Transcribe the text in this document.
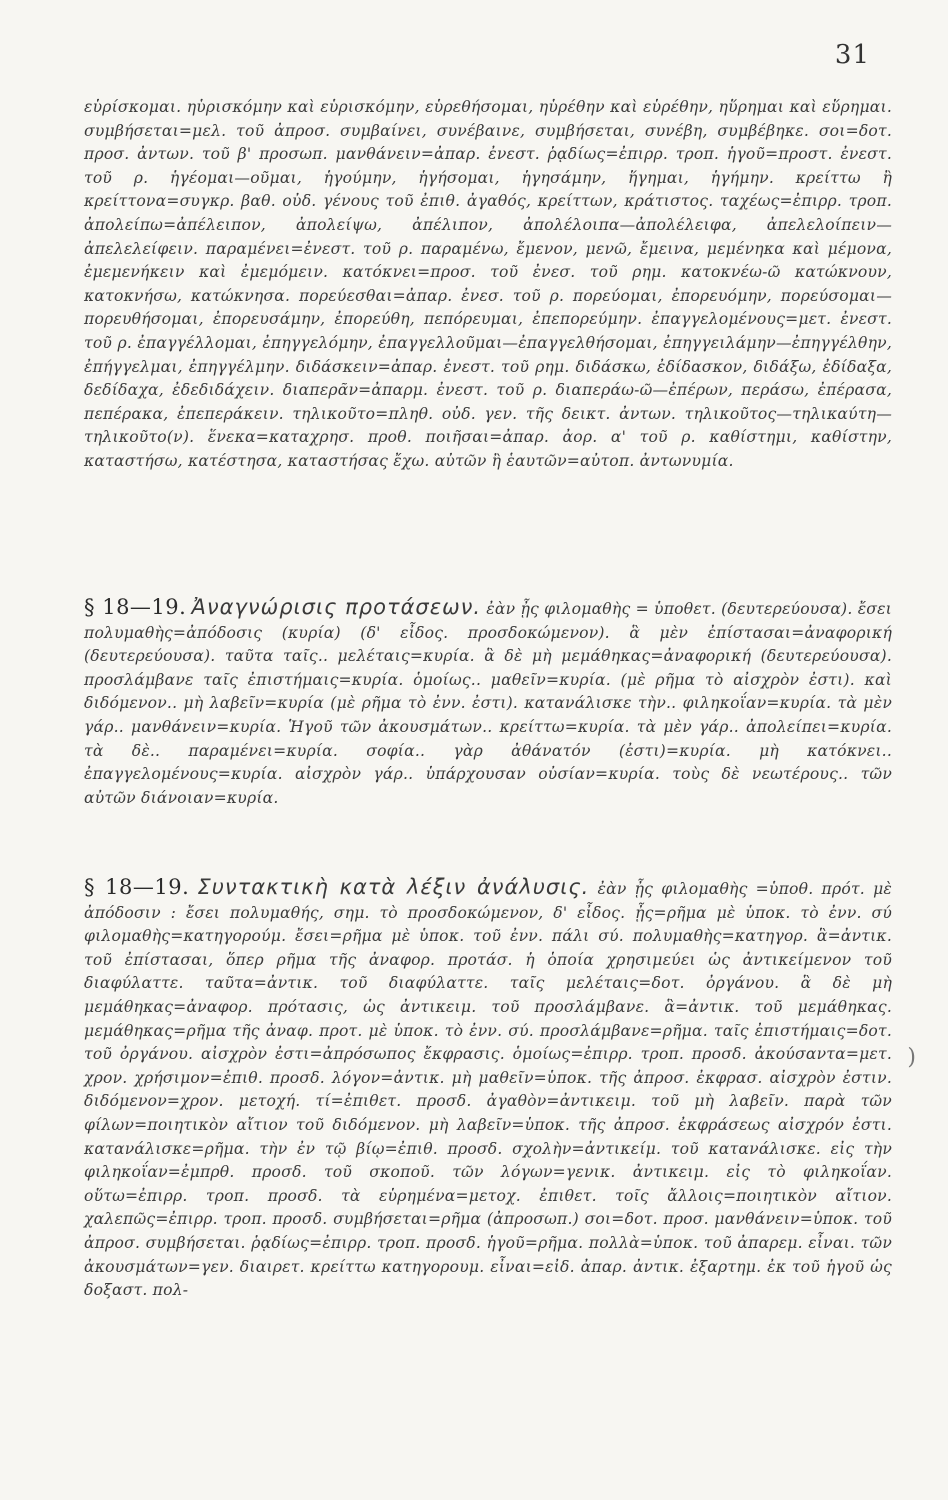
31

εὑρίσκομαι. ηὑρισκόμην καὶ εὑρισκόμην, εὑρεθήσομαι, ηὑρέθην καὶ εὑρέθην, ηὕρημαι καὶ εὕρημαι. συμβήσεται=μελ. τοῦ ἀπροσ. συμβαίνει, συνέβαινε, συμβήσεται, συνέβη, συμβέβηκε. σοι=δοτ. προσ. ἀντων. τοῦ β' προσωπ. μανθάνειν=ἀπαρ. ἐνεστ. ῥᾳδίως=ἐπιρρ. τροπ. ἡγοῦ=προστ. ἐνεστ. τοῦ ρ. ἡγέομαι—οῦμαι, ἡγούμην, ἡγήσομαι, ἡγησάμην, ἥγημαι, ἡγήμην. κρείττω ἢ κρείττονα=συγκρ. βαθ. οὐδ. γένους τοῦ ἐπιθ. ἀγαθός, κρείττων, κράτιστος. ταχέως=ἐπιρρ. τροπ. ἀπολείπω=ἀπέλειπον, ἀπολείψω, ἀπέλιπον, ἀπολέλοιπα—ἀπολέλειφα, ἀπελελοίπειν—ἀπελελείφειν. παραμένει=ἐνεστ. τοῦ ρ. παραμένω, ἔμενον, μενῶ, ἔμεινα, μεμένηκα καὶ μέμονα, ἐμεμενήκειν καὶ ἐμεμόμειν. κατόκνει=προσ. τοῦ ἐνεσ. τοῦ ρημ. κατοκνέω-ῶ κατώκνουν, κατοκνήσω, κατώκνησα. πορεύεσθαι=ἀπαρ. ἐνεσ. τοῦ ρ. πορεύομαι, ἐπορευόμην, πορεύσομαι—πορευθήσομαι, ἐπορευσάμην, ἐπορεύθη, πεπόρευμαι, ἐπεπορεύμην. ἐπαγγελομένους=μετ. ἐνεστ. τοῦ ρ. ἐπαγγέλλομαι, ἐπηγγελόμην, ἐπαγγελλοῦμαι—ἐπαγγελθήσομαι, ἐπηγγειλάμην—ἐπηγγέλθην, ἐπήγγελμαι, ἐπηγγέλμην. διδάσκειν=ἀπαρ. ἐνεστ. τοῦ ρημ. διδάσκω, ἐδίδασκον, διδάξω, ἐδίδαξα, δεδίδαχα, ἐδεδιδάχειν. διαπερᾶν=ἀπαρμ. ἐνεστ. τοῦ ρ. διαπεράω-ῶ—ἐπέρων, περάσω, ἐπέρασα, πεπέρακα, ἐπεπεράκειν. τηλικοῦτο=πληθ. οὐδ. γεν. τῆς δεικτ. ἀντων. τηλικοῦτος—τηλικαύτη—τηλικοῦτο(ν). ἕνεκα=καταχρησ. προθ. ποιῆσαι=ἀπαρ. ἀορ. α' τοῦ ρ. καθίστημι, καθίστην, καταστήσω, κατέστησα, καταστήσας ἔχω. αὐτῶν ἢ ἑαυτῶν=αὐτοπ. ἀντωνυμία.

§ 18—19. Ἀναγνώρισις προτάσεων. ἐὰν ᾖς φιλομαθὴς = ὑποθετ. (δευτερεύουσα). ἔσει πολυμαθὴς=ἀπόδοσις (κυρία) (δ' εἶδος. προσδοκώμενον). ἃ μὲν ἐπίστασαι=ἀναφορική (δευτερεύουσα). ταῦτα ταῖς.. μελέταις=κυρία. ἃ δὲ μὴ μεμάθηκας=ἀναφορική (δευτερεύουσα). προσλάμβανε ταῖς ἐπιστήμαις=κυρία. ὁμοίως.. μαθεῖν=κυρία. (μὲ ρῆμα τὸ αἰσχρὸν ἐστι). καὶ διδόμενον.. μὴ λαβεῖν=κυρία (μὲ ρῆμα τὸ ἐνν. ἐστι). κατανάλισκε τὴν.. φιληκοΐαν=κυρία. τὰ μὲν γάρ.. μανθάνειν=κυρία. Ἡγοῦ τῶν ἀκουσμάτων.. κρείττω=κυρία. τὰ μὲν γάρ.. ἀπολείπει=κυρία. τὰ δὲ.. παραμένει=κυρία. σοφία.. γὰρ ἀθάνατόν (ἐστι)=κυρία. μὴ κατόκνει.. ἐπαγγελομένους=κυρία. αἰσχρὸν γάρ.. ὑπάρχουσαν οὐσίαν=κυρία. τοὺς δὲ νεωτέρους.. τῶν αὐτῶν διάνοιαν=κυρία.

§ 18—19. Συντακτικὴ κατὰ λέξιν ἀνάλυσις. ἐὰν ᾖς φιλομαθὴς =ὑποθ. πρότ. μὲ ἀπόδοσιν : ἔσει πολυμαθής, σημ. τὸ προσδοκώμενον, δ' εἶδος. ᾖς=ρῆμα μὲ ὑποκ. τὸ ἐνν. σύ φιλομαθὴς=κατηγορούμ. ἔσει=ρῆμα μὲ ὑποκ. τοῦ ἐνν. πάλι σύ. πολυμαθὴς=κατηγορ. ἃ=ἀντικ. τοῦ ἐπίστασαι, ὅπερ ρῆμα τῆς ἀναφορ. προτάσ. ἡ ὁποία χρησιμεύει ὡς ἀντικείμενον τοῦ διαφύλαττε. ταῦτα=ἀντικ. τοῦ διαφύλαττε. ταῖς μελέταις=δοτ. ὀργάνου. ἃ δὲ μὴ μεμάθηκας=ἀναφορ. πρότασις, ὡς ἀντικειμ. τοῦ προσλάμβανε. ἃ=ἀντικ. τοῦ μεμάθηκας. μεμάθηκας=ρῆμα τῆς ἀναφ. προτ. μὲ ὑποκ. τὸ ἐνν. σύ. προσλάμβανε=ρῆμα. ταῖς ἐπιστήμαις=δοτ. τοῦ ὀργάνου. αἰσχρὸν ἐστι=ἀπρόσωπος ἔκφρασις. ὁμοίως=ἐπιρρ. τροπ. προσδ. ἀκούσαντα=μετ. χρον. χρήσιμον=ἐπιθ. προσδ. λόγον=ἀντικ. μὴ μαθεῖν=ὑποκ. τῆς ἀπροσ. ἐκφρασ. αἰσχρὸν ἐστιν. διδόμενον=χρον. μετοχή. τί=ἐπιθετ. προσδ. ἀγαθὸν=ἀντικειμ. τοῦ μὴ λαβεῖν. παρὰ τῶν φίλων=ποιητικὸν αἴτιον τοῦ διδόμενον. μὴ λαβεῖν=ὑποκ. τῆς ἀπροσ. ἐκφράσεως αἰσχρόν ἐστι. κατανάλισκε=ρῆμα. τὴν ἐν τῷ βίῳ=ἐπιθ. προσδ. σχολὴν=ἀντικείμ. τοῦ κατανάλισκε. εἰς τὴν φιληκοΐαν=ἐμπρθ. προσδ. τοῦ σκοποῦ. τῶν λόγων=γενικ. ἀντικειμ. εἰς τὸ φιληκοΐαν. οὕτω=ἐπιρρ. τροπ. προσδ. τὰ εὑρημένα=μετοχ. ἐπιθετ. τοῖς ἄλλοις=ποιητικὸν αἴτιον. χαλεπῶς=ἐπιρρ. τροπ. προσδ. συμβήσεται=ρῆμα (ἀπροσωπ.) σοι=δοτ. προσ. μανθάνειν=ὑποκ. τοῦ ἀπροσ. συμβήσεται. ῥᾳδίως=ἐπιρρ. τροπ. προσδ. ἡγοῦ=ρῆμα. πολλὰ=ὑποκ. τοῦ ἀπαρεμ. εἶναι. τῶν ἀκουσμάτων=γεν. διαιρετ. κρείττω κατηγορουμ. εἶναι=εἰδ. ἀπαρ. ἀντικ. ἐξαρτημ. ἐκ τοῦ ἡγοῦ ὡς δοξαστ. πολ-

)
